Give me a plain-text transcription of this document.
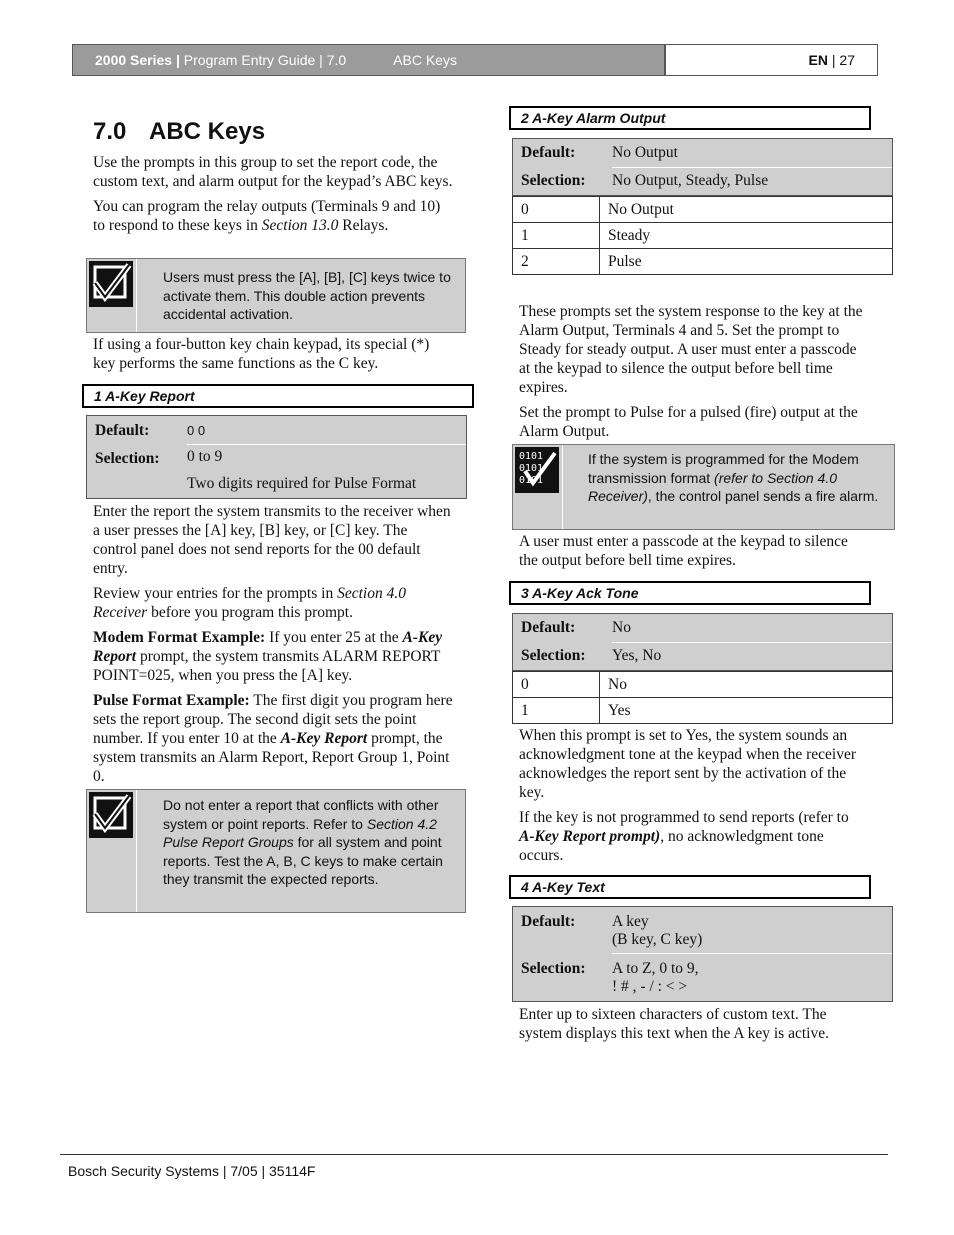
2000 Series | Program Entry Guide | 7.0	ABC Keys	EN | 27
7.0 ABC Keys

Use the prompts in this group to set the report code, the custom text, and alarm output for the keypad’s ABC keys.

You can program the relay outputs (Terminals 9 and 10) to respond to these keys in Section 13.0 Relays.

Users must press the [A], [B], [C] keys twice to activate them. This double action prevents accidental activation.

If using a four-button key chain keypad, its special (*) key performs the same functions as the C key.

1 A-Key Report
Default:	0 0
Selection: 0 to 9
Two digits required for Pulse Format

Enter the report the system transmits to the receiver when a user presses the [A] key, [B] key, or [C] key. The control panel does not send reports for the 00 default entry.

Review your entries for the prompts in Section 4.0 Receiver before you program this prompt.

Modem Format Example: If you enter 25 at the A-Key Report prompt, the system transmits ALARM REPORT POINT=025, when you press the [A] key.

Pulse Format Example: The first digit you program here sets the report group. The second digit sets the point number. If you enter 10 at the A-Key Report prompt, the system transmits an Alarm Report, Report Group 1, Point 0.

Do not enter a report that conflicts with other system or point reports. Refer to Section 4.2 Pulse Report Groups for all system and point reports. Test the A, B, C keys to make certain they transmit the expected reports.
2 A-Key Alarm Output
Default: No Output
Selection: No Output, Steady, Pulse
0	No Output
1	Steady
2	Pulse

These prompts set the system response to the key at the Alarm Output, Terminals 4 and 5. Set the prompt to Steady for steady output. A user must enter a passcode at the keypad to silence the output before bell time expires.

Set the prompt to Pulse for a pulsed (fire) output at the Alarm Output.

0101
0101
0101
If the system is programmed for the Modem transmission format (refer to Section 4.0 Receiver), the control panel sends a fire alarm.

A user must enter a passcode at the keypad to silence the output before bell time expires.

3 A-Key Ack Tone
Default: No
Selection: Yes, No
0	No
1	Yes

When this prompt is set to Yes, the system sounds an acknowledgment tone at the keypad when the receiver acknowledges the report sent by the activation of the key.

If the key is not programmed to send reports (refer to A-Key Report prompt), no acknowledgment tone occurs.

4 A-Key Text
Default: A key
(B key, C key)
Selection: A to Z, 0 to 9,
! # , - / : < >

Enter up to sixteen characters of custom text. The system displays this text when the A key is active.

Bosch Security Systems | 7/05 | 35114F
